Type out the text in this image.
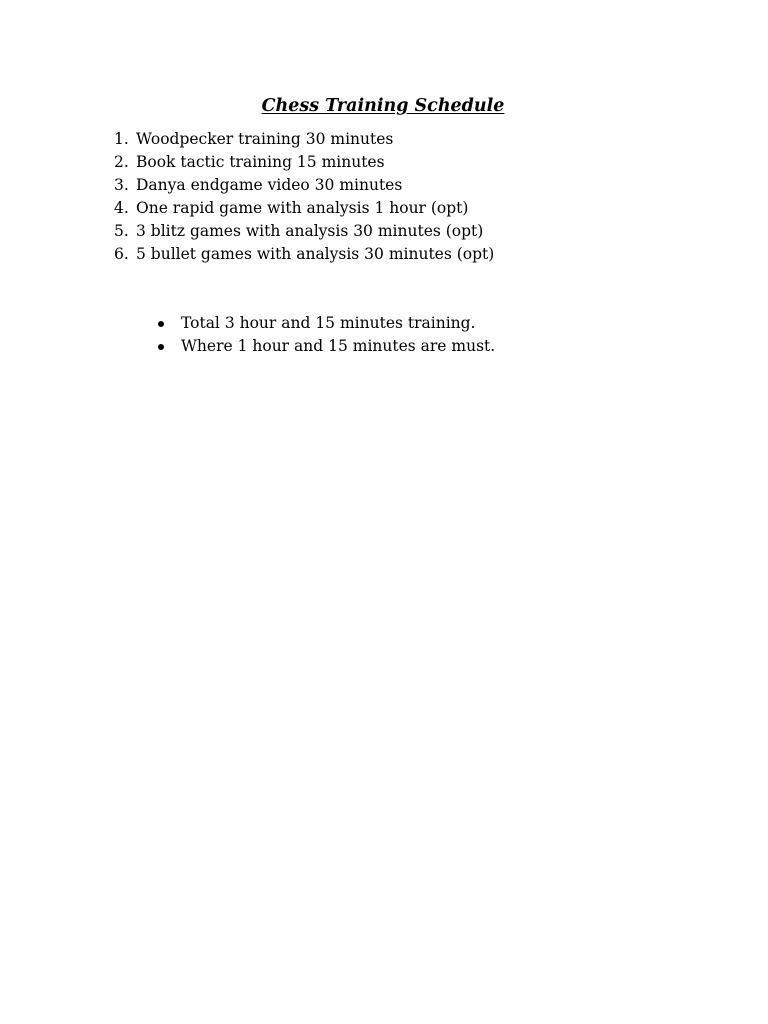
Chess Training Schedule
1. Woodpecker training 30 minutes
2. Book tactic training 15 minutes
3. Danya endgame video 30 minutes
4. One rapid game with analysis 1 hour (opt)
5. 3 blitz games with analysis 30 minutes (opt)
6. 5 bullet games with analysis 30 minutes (opt)
Total 3 hour and 15 minutes training.
Where 1 hour and 15 minutes are must.
